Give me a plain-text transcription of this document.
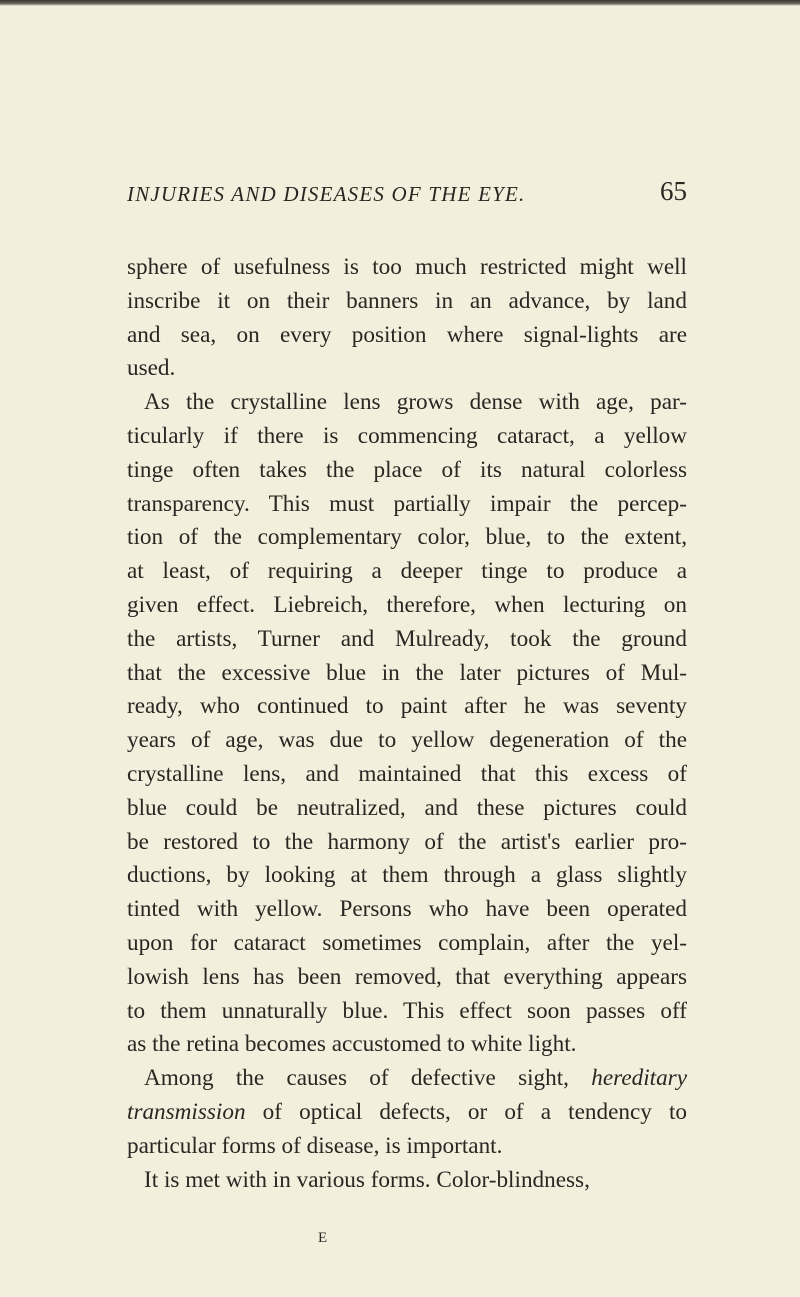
INJURIES AND DISEASES OF THE EYE.	65
sphere of usefulness is too much restricted might well
inscribe it on their banners in an advance, by land
and sea, on every position where signal-lights are
used.
As the crystalline lens grows dense with age, par-
ticularly if there is commencing cataract, a yellow
tinge often takes the place of its natural colorless
transparency. This must partially impair the percep-
tion of the complementary color, blue, to the extent,
at least, of requiring a deeper tinge to produce a
given effect. Liebreich, therefore, when lecturing on
the artists, Turner and Mulready, took the ground
that the excessive blue in the later pictures of Mul-
ready, who continued to paint after he was seventy
years of age, was due to yellow degeneration of the
crystalline lens, and maintained that this excess of
blue could be neutralized, and these pictures could
be restored to the harmony of the artist's earlier pro-
ductions, by looking at them through a glass slightly
tinted with yellow. Persons who have been operated
upon for cataract sometimes complain, after the yel-
lowish lens has been removed, that everything appears
to them unnaturally blue. This effect soon passes off
as the retina becomes accustomed to white light.
Among the causes of defective sight, hereditary
transmission of optical defects, or of a tendency to
particular forms of disease, is important.
It is met with in various forms. Color-blindness,
E
